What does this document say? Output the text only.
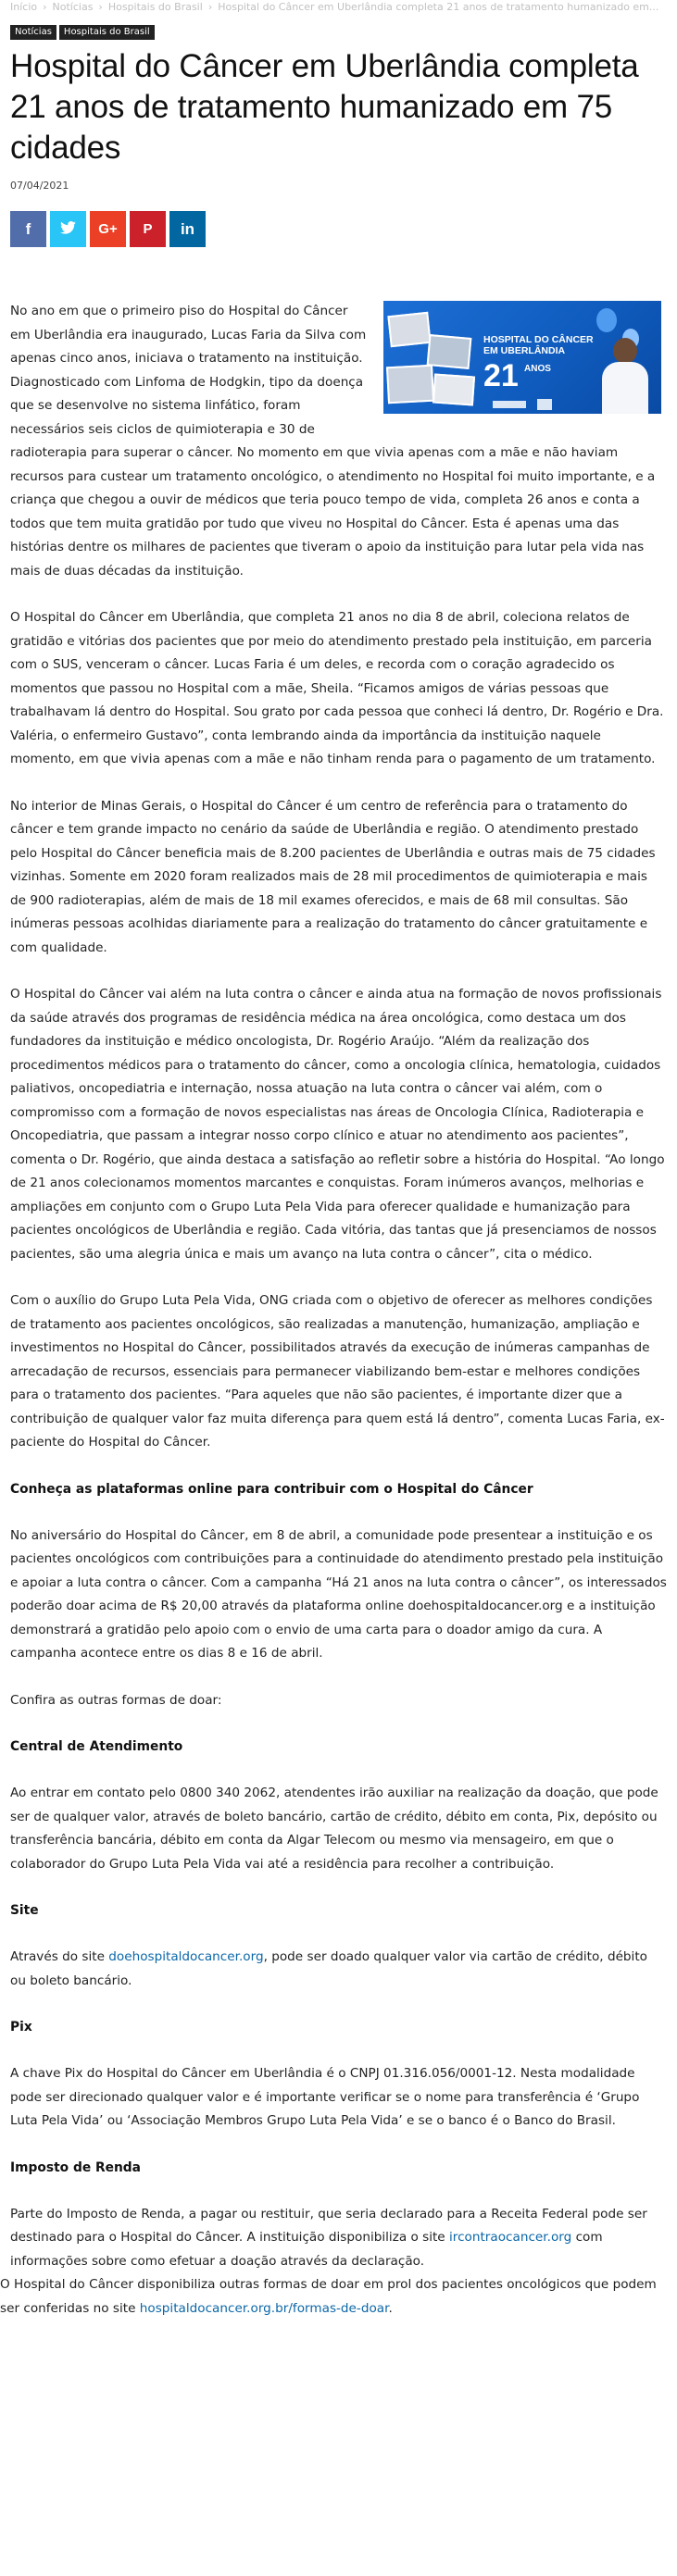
Início › Notícias › Hospitais do Brasil › Hospital do Câncer em Uberlândia completa 21 anos de tratamento humanizado em...
Notícias Hospitais do Brasil
Hospital do Câncer em Uberlândia completa 21 anos de tratamento humanizado em 75 cidades
07/04/2021
f	G+ P in
HOSPITAL DO CÂNCER
EM UBERLÂNDIA
21 ANOS

No ano em que o primeiro piso do Hospital do Câncer em Uberlândia era inaugurado, Lucas Faria da Silva com apenas cinco anos, iniciava o tratamento na instituição. Diagnosticado com Linfoma de Hodgkin, tipo da doença que se desenvolve no sistema linfático, foram necessários seis ciclos de quimioterapia e 30 de radioterapia para superar o câncer. No momento em que vivia apenas com a mãe e não haviam recursos para custear um tratamento oncológico, o atendimento no Hospital foi muito importante, e a criança que chegou a ouvir de médicos que teria pouco tempo de vida, completa 26 anos e conta a todos que tem muita gratidão por tudo que viveu no Hospital do Câncer. Esta é apenas uma das histórias dentre os milhares de pacientes que tiveram o apoio da instituição para lutar pela vida nas mais de duas décadas da instituição.

O Hospital do Câncer em Uberlândia, que completa 21 anos no dia 8 de abril, coleciona relatos de gratidão e vitórias dos pacientes que por meio do atendimento prestado pela instituição, em parceria com o SUS, venceram o câncer. Lucas Faria é um deles, e recorda com o coração agradecido os momentos que passou no Hospital com a mãe, Sheila. “Ficamos amigos de várias pessoas que trabalhavam lá dentro do Hospital. Sou grato por cada pessoa que conheci lá dentro, Dr. Rogério e Dra. Valéria, o enfermeiro Gustavo”, conta lembrando ainda da importância da instituição naquele momento, em que vivia apenas com a mãe e não tinham renda para o pagamento de um tratamento.

No interior de Minas Gerais, o Hospital do Câncer é um centro de referência para o tratamento do câncer e tem grande impacto no cenário da saúde de Uberlândia e região. O atendimento prestado pelo Hospital do Câncer beneficia mais de 8.200 pacientes de Uberlândia e outras mais de 75 cidades vizinhas. Somente em 2020 foram realizados mais de 28 mil procedimentos de quimioterapia e mais de 900 radioterapias, além de mais de 18 mil exames oferecidos, e mais de 68 mil consultas. São inúmeras pessoas acolhidas diariamente para a realização do tratamento do câncer gratuitamente e com qualidade.

O Hospital do Câncer vai além na luta contra o câncer e ainda atua na formação de novos profissionais da saúde através dos programas de residência médica na área oncológica, como destaca um dos fundadores da instituição e médico oncologista, Dr. Rogério Araújo. “Além da realização dos procedimentos médicos para o tratamento do câncer, como a oncologia clínica, hematologia, cuidados paliativos, oncopediatria e internação, nossa atuação na luta contra o câncer vai além, com o compromisso com a formação de novos especialistas nas áreas de Oncologia Clínica, Radioterapia e Oncopediatria, que passam a integrar nosso corpo clínico e atuar no atendimento aos pacientes”, comenta o Dr. Rogério, que ainda destaca a satisfação ao refletir sobre a história do Hospital. “Ao longo de 21 anos colecionamos momentos marcantes e conquistas. Foram inúmeros avanços, melhorias e ampliações em conjunto com o Grupo Luta Pela Vida para oferecer qualidade e humanização para pacientes oncológicos de Uberlândia e região. Cada vitória, das tantas que já presenciamos de nossos pacientes, são uma alegria única e mais um avanço na luta contra o câncer”, cita o médico.

Com o auxílio do Grupo Luta Pela Vida, ONG criada com o objetivo de oferecer as melhores condições de tratamento aos pacientes oncológicos, são realizadas a manutenção, humanização, ampliação e investimentos no Hospital do Câncer, possibilitados através da execução de inúmeras campanhas de arrecadação de recursos, essenciais para permanecer viabilizando bem-estar e melhores condições para o tratamento dos pacientes. “Para aqueles que não são pacientes, é importante dizer que a contribuição de qualquer valor faz muita diferença para quem está lá dentro”, comenta Lucas Faria, ex-paciente do Hospital do Câncer.

Conheça as plataformas online para contribuir com o Hospital do Câncer

No aniversário do Hospital do Câncer, em 8 de abril, a comunidade pode presentear a instituição e os pacientes oncológicos com contribuições para a continuidade do atendimento prestado pela instituição e apoiar a luta contra o câncer. Com a campanha “Há 21 anos na luta contra o câncer”, os interessados poderão doar acima de R$ 20,00 através da plataforma online doehospitaldocancer.org e a instituição demonstrará a gratidão pelo apoio com o envio de uma carta para o doador amigo da cura. A campanha acontece entre os dias 8 e 16 de abril.

Confira as outras formas de doar:

Central de Atendimento

Ao entrar em contato pelo 0800 340 2062, atendentes irão auxiliar na realização da doação, que pode ser de qualquer valor, através de boleto bancário, cartão de crédito, débito em conta, Pix, depósito ou transferência bancária, débito em conta da Algar Telecom ou mesmo via mensageiro, em que o colaborador do Grupo Luta Pela Vida vai até a residência para recolher a contribuição.

Site

Através do site doehospitaldocancer.org, pode ser doado qualquer valor via cartão de crédito, débito ou boleto bancário.

Pix

A chave Pix do Hospital do Câncer em Uberlândia é o CNPJ 01.316.056/0001-12. Nesta modalidade pode ser direcionado qualquer valor e é importante verificar se o nome para transferência é ‘Grupo Luta Pela Vida’ ou ‘Associação Membros Grupo Luta Pela Vida’ e se o banco é o Banco do Brasil.

Imposto de Renda

Parte do Imposto de Renda, a pagar ou restituir, que seria declarado para a Receita Federal pode ser destinado para o Hospital do Câncer. A instituição disponibiliza o site ircontraocancer.org com informações sobre como efetuar a doação através da declaração.

O Hospital do Câncer disponibiliza outras formas de doar em prol dos pacientes oncológicos que podem ser conferidas no site hospitaldocancer.org.br/formas-de-doar.
